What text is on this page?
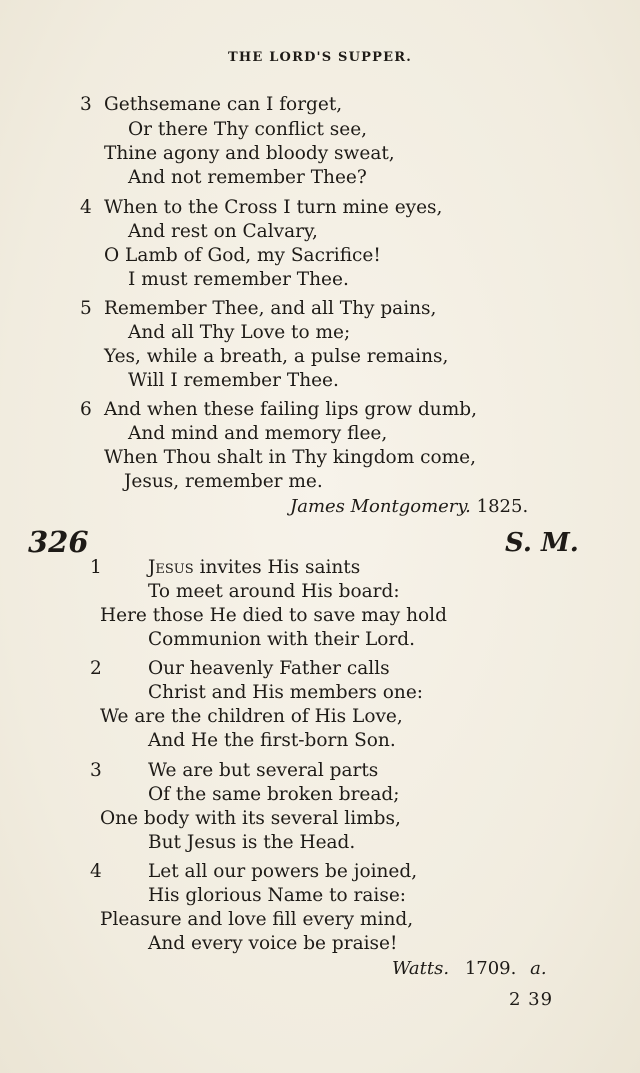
THE LORD'S SUPPER.
3 Gethsemane can I forget,
Or there Thy conflict see,
Thine agony and bloody sweat,
And not remember Thee?
4 When to the Cross I turn mine eyes,
And rest on Calvary,
O Lamb of God, my Sacrifice!
I must remember Thee.
5 Remember Thee, and all Thy pains,
And all Thy Love to me;
Yes, while a breath, a pulse remains,
Will I remember Thee.
6 And when these failing lips grow dumb,
And mind and memory flee,
When Thou shalt in Thy kingdom come,
Jesus, remember me.
James Montgomery. 1825.
326	S. M.
1 Jesus invites His saints
To meet around His board:
Here those He died to save may hold
Communion with their Lord.
2 Our heavenly Father calls
Christ and His members one:
We are the children of His Love,
And He the first-born Son.
3 We are but several parts
Of the same broken bread;
One body with its several limbs,
But Jesus is the Head.
4 Let all our powers be joined,
His glorious Name to raise:
Pleasure and love fill every mind,
And every voice be praise!
Watts. 1709. a.
2 39
